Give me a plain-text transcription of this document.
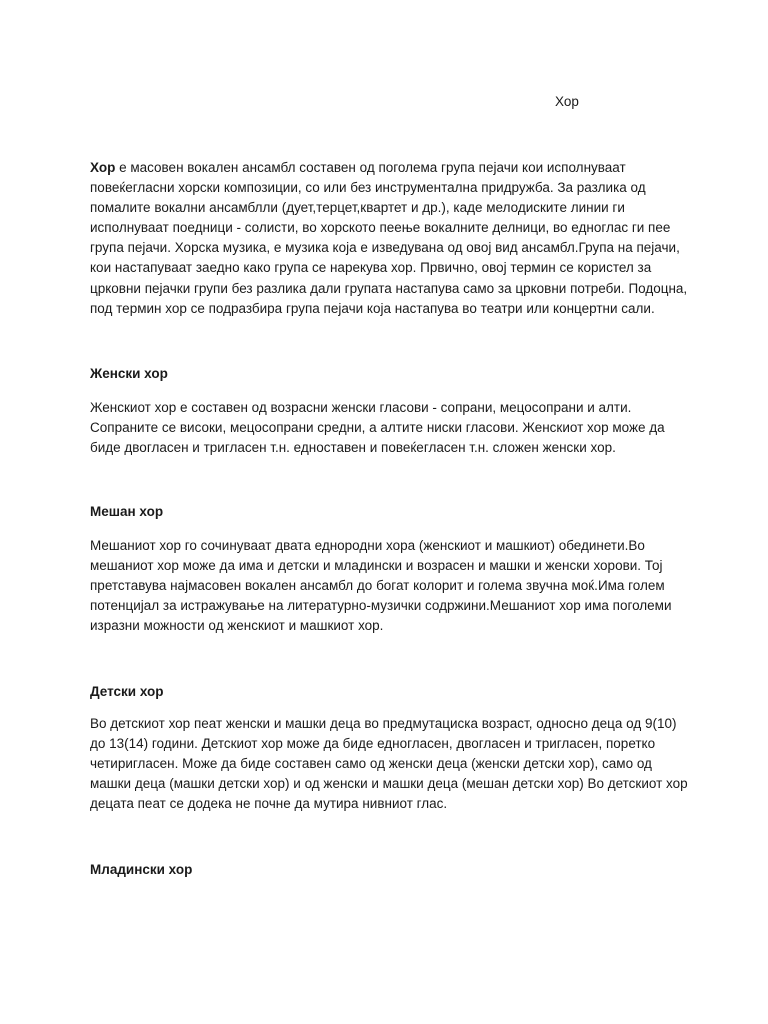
Хор

Хор е масовен вокален ансамбл составен од поголема група пејачи кои исполнуваат повеќегласни хорски композиции, со или без инструментална придружба. За разлика од помалите вокални ансамблли (дует,терцет,квартет и др.), каде мелодиските линии ги исполнуваат поедници - солисти, во хорското пеење вокалните делници, во едноглас ги пее група пејачи. Хорска музика, е музика која е изведувана од овој вид ансамбл.Група на пејачи, кои настапуваат заедно како група се нарекува хор. Првично, овој термин се користел за црковни пејачки групи без разлика дали групата настапува само за црковни потреби. Подоцна, под термин хор се подразбира група пејачи која настапува во театри или концертни сали.

Женски хор

Женскиот хор е составен од возрасни женски гласови - сопрани, мецосопрани и алти. Сопраните се високи, мецосопрани средни, а алтите ниски гласови. Женскиот хор може да биде двогласен и тригласен т.н. едноставен и повеќегласен т.н. сложен женски хор.

Мешан хор

Мешаниот хор го сочинуваат двата еднородни хора (женскиот и машкиот) обединети.Во мешаниот хор може да има и детски и младински и возрасен и машки и женски хорови. Тој претставува најмасовен вокален ансамбл до богат колорит и голема звучна моќ.Има голем потенцијал за истражување на литературно-музички содржини.Мешаниот хор има поголеми изразни можности од женскиот и машкиот хор.

Детски хор

Во детскиот хор пеат женски и машки деца во предмутациска возраст, односно деца од 9(10) до 13(14) години. Детскиот хор може да биде едногласен, двогласен и тригласен, поретко четиригласен. Може да биде составен само од женски деца (женски детски хор), само од машки деца (машки детски хор) и од женски и машки деца (мешан детски хор) Во детскиот хор децата пеат се додека не почне да мутира нивниот глас.

Младински хор
